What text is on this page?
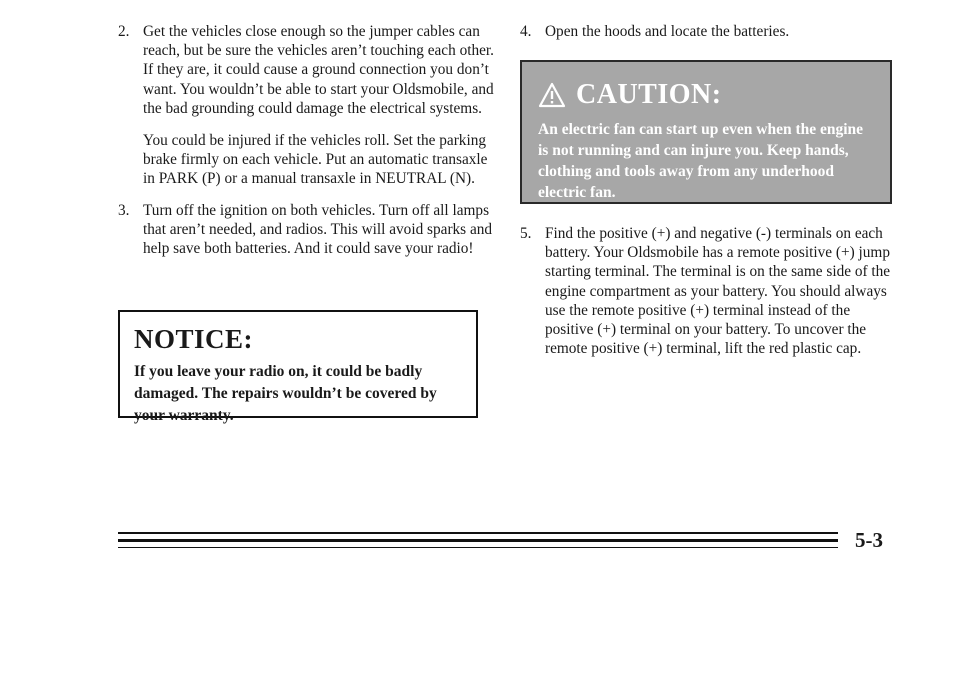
2. Get the vehicles close enough so the jumper cables can reach, but be sure the vehicles aren’t touching each other. If they are, it could cause a ground connection you don’t want. You wouldn’t be able to start your Oldsmobile, and the bad grounding could damage the electrical systems.

You could be injured if the vehicles roll. Set the parking brake firmly on each vehicle. Put an automatic transaxle in PARK (P) or a manual transaxle in NEUTRAL (N).

3. Turn off the ignition on both vehicles. Turn off all lamps that aren’t needed, and radios. This will avoid sparks and help save both batteries. And it could save your radio!

NOTICE:
If you leave your radio on, it could be badly damaged. The repairs wouldn’t be covered by your warranty.
4. Open the hoods and locate the batteries.

CAUTION:
An electric fan can start up even when the engine is not running and can injure you. Keep hands, clothing and tools away from any underhood electric fan.
5. Find the positive (+) and negative (-) terminals on each battery. Your Oldsmobile has a remote positive (+) jump starting terminal. The terminal is on the same side of the engine compartment as your battery. You should always use the remote positive (+) terminal instead of the positive (+) terminal on your battery. To uncover the remote positive (+) terminal, lift the red plastic cap.

5-3
